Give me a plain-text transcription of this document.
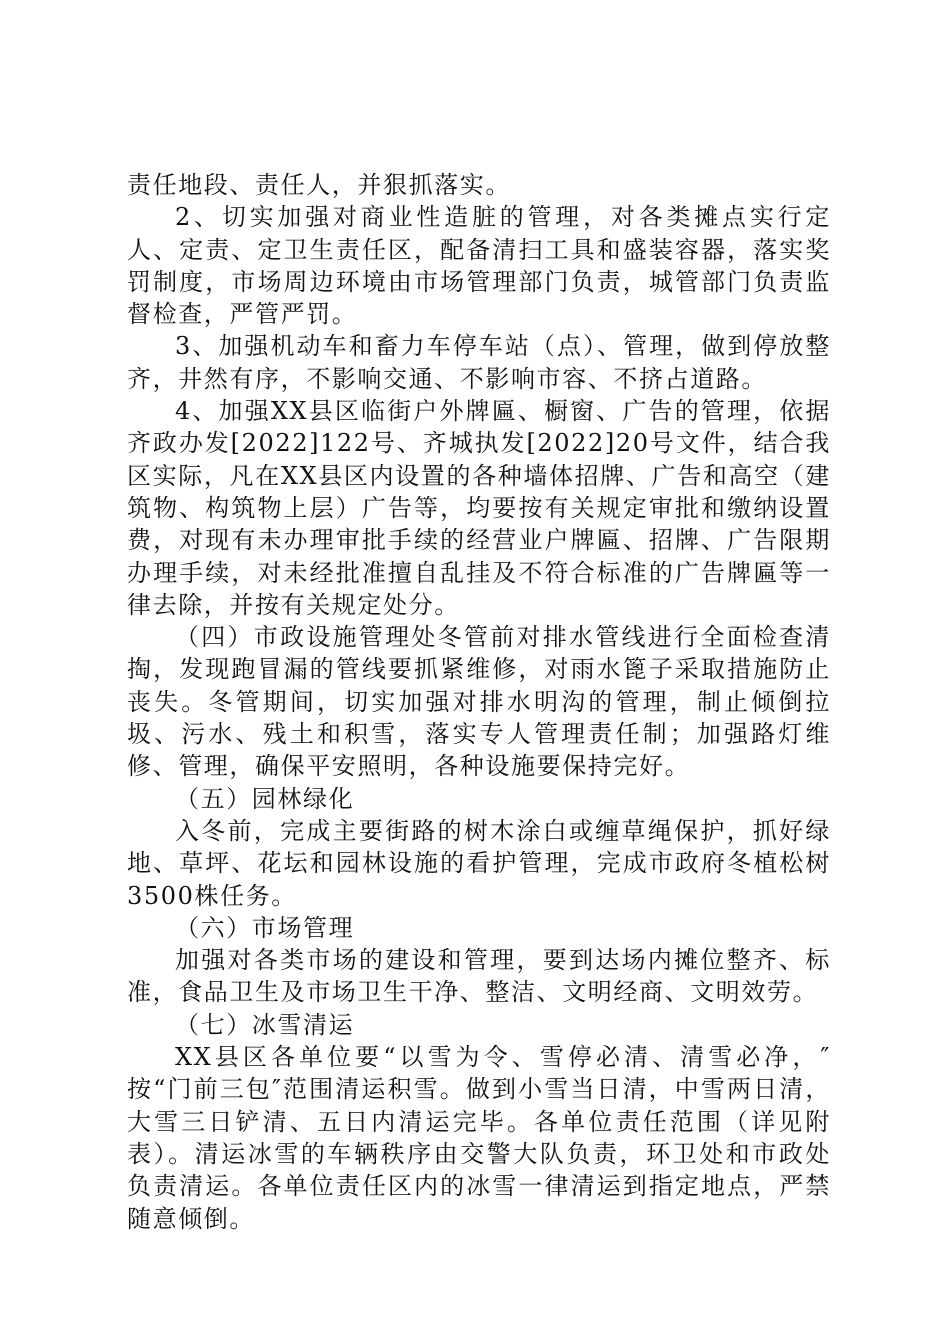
责任地段、责任人，并狠抓落实。

2、切实加强对商业性造脏的管理，对各类摊点实行定人、定责、定卫生责任区，配备清扫工具和盛装容器，落实奖罚制度，市场周边环境由市场管理部门负责，城管部门负责监督检查，严管严罚。

3、加强机动车和畜力车停车站（点）、管理，做到停放整齐，井然有序，不影响交通、不影响市容、不挤占道路。

4、加强XX县区临街户外牌匾、橱窗、广告的管理，依据齐政办发[2022]122号、齐城执发[2022]20号文件，结合我区实际，凡在XX县区内设置的各种墙体招牌、广告和高空（建筑物、构筑物上层）广告等，均要按有关规定审批和缴纳设置费，对现有未办理审批手续的经营业户牌匾、招牌、广告限期办理手续，对未经批准擅自乱挂及不符合标准的广告牌匾等一律去除，并按有关规定处分。

（四）市政设施管理处冬管前对排水管线进行全面检查清掏，发现跑冒漏的管线要抓紧维修，对雨水篦子采取措施防止丧失。冬管期间，切实加强对排水明沟的管理，制止倾倒拉圾、污水、残土和积雪，落实专人管理责任制；加强路灯维修、管理，确保平安照明，各种设施要保持完好。

（五）园林绿化

入冬前，完成主要街路的树木涂白或缠草绳保护，抓好绿地、草坪、花坛和园林设施的看护管理，完成市政府冬植松树3500株任务。

（六）市场管理

加强对各类市场的建设和管理，要到达场内摊位整齐、标准，食品卫生及市场卫生干净、整洁、文明经商、文明效劳。

（七）冰雪清运

XX县区各单位要“以雪为令、雪停必清、清雪必净，″按“门前三包″范围清运积雪。做到小雪当日清，中雪两日清，大雪三日铲清、五日内清运完毕。各单位责任范围（详见附表）。清运冰雪的车辆秩序由交警大队负责，环卫处和市政处负责清运。各单位责任区内的冰雪一律清运到指定地点，严禁随意倾倒。
